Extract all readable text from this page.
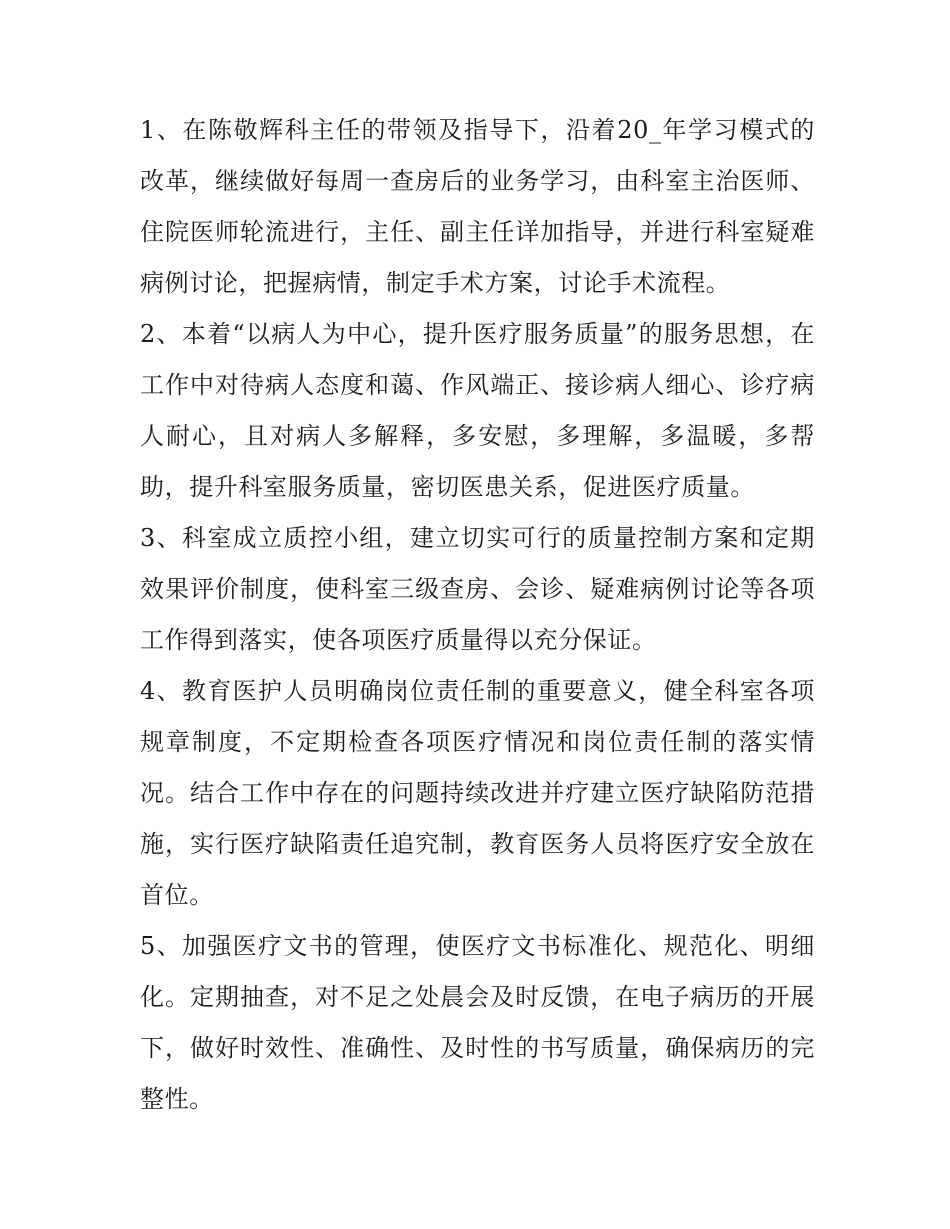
1、在陈敬辉科主任的带领及指导下，沿着20_年学习模式的改革，继续做好每周一查房后的业务学习，由科室主治医师、住院医师轮流进行，主任、副主任详加指导，并进行科室疑难病例讨论，把握病情，制定手术方案，讨论手术流程。

2、本着“以病人为中心，提升医疗服务质量”的服务思想，在工作中对待病人态度和蔼、作风端正、接诊病人细心、诊疗病人耐心，且对病人多解释，多安慰，多理解，多温暖，多帮助，提升科室服务质量，密切医患关系，促进医疗质量。

3、科室成立质控小组，建立切实可行的质量控制方案和定期效果评价制度，使科室三级查房、会诊、疑难病例讨论等各项工作得到落实，使各项医疗质量得以充分保证。

4、教育医护人员明确岗位责任制的重要意义，健全科室各项规章制度，不定期检查各项医疗情况和岗位责任制的落实情况。结合工作中存在的问题持续改进并疗建立医疗缺陷防范措施，实行医疗缺陷责任追究制，教育医务人员将医疗安全放在首位。

5、加强医疗文书的管理，使医疗文书标准化、规范化、明细化。定期抽查，对不足之处晨会及时反馈，在电子病历的开展下，做好时效性、准确性、及时性的书写质量，确保病历的完整性。
